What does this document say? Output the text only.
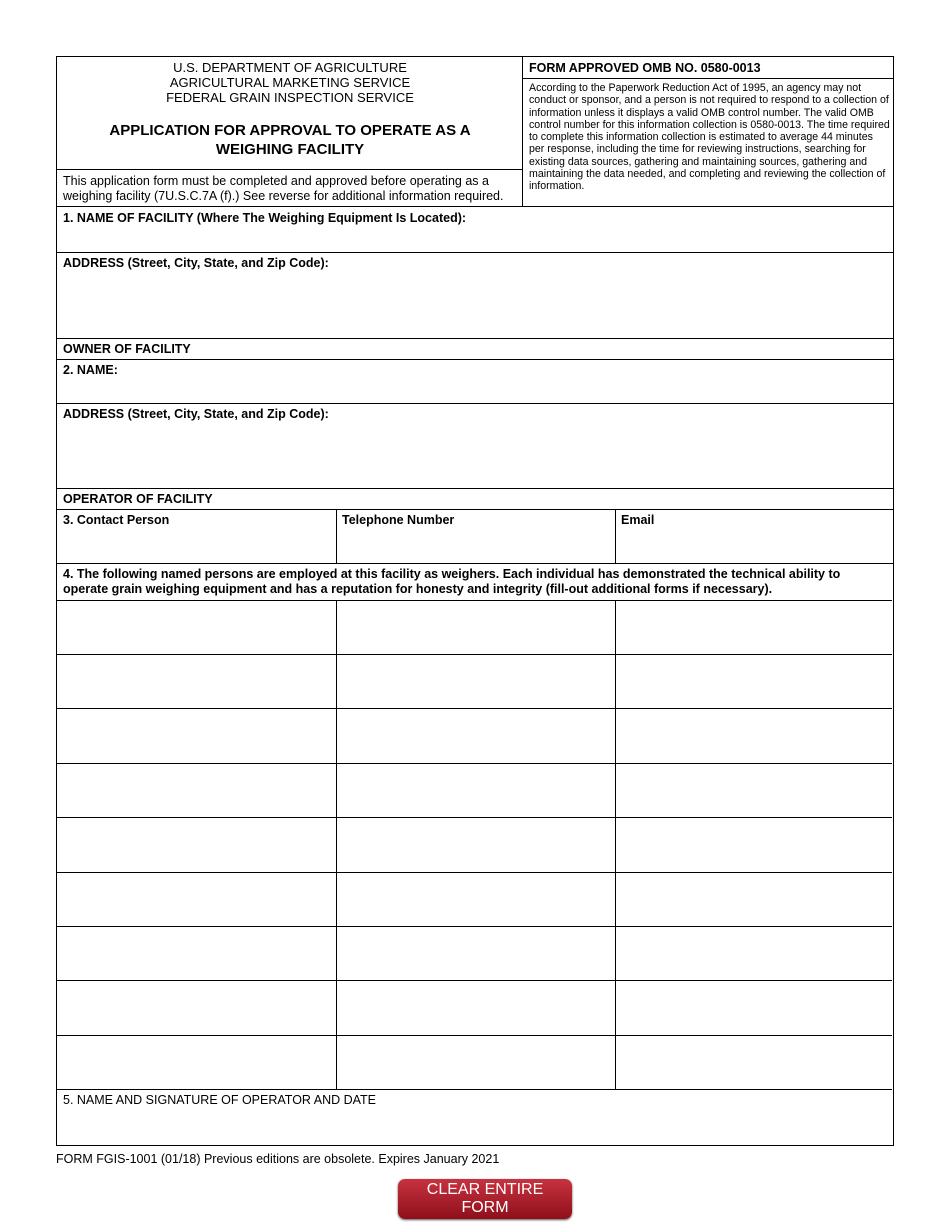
U.S. DEPARTMENT OF AGRICULTURE
AGRICULTURAL MARKETING SERVICE
FEDERAL GRAIN INSPECTION SERVICE
APPLICATION FOR APPROVAL TO OPERATE AS A
WEIGHING FACILITY
This application form must be completed and approved before operating as a weighing facility (7U.S.C.7A (f).) See reverse for additional information required.
FORM APPROVED OMB NO. 0580-0013
According to the Paperwork Reduction Act of 1995, an agency may not conduct or sponsor, and a person is not required to respond to a collection of information unless it displays a valid OMB control number. The valid OMB control number for this information collection is 0580-0013. The time required to complete this information collection is estimated to average 44 minutes per response, including the time for reviewing instructions, searching for existing data sources, gathering and maintaining sources, gathering and maintaining the data needed, and completing and reviewing the collection of information.
1. NAME OF FACILITY (Where The Weighing Equipment Is Located):
ADDRESS (Street, City, State, and Zip Code):
OWNER OF FACILITY
2. NAME:
ADDRESS (Street, City, State, and Zip Code):
OPERATOR OF FACILITY
3. Contact Person	Telephone Number	Email
4. The following named persons are employed at this facility as weighers. Each individual has demonstrated the technical ability to operate grain weighing equipment and has a reputation for honesty and integrity (fill-out additional forms if necessary).
5. NAME AND SIGNATURE OF OPERATOR AND DATE
FORM FGIS-1001 (01/18) Previous editions are obsolete. Expires January 2021
CLEAR ENTIRE FORM
